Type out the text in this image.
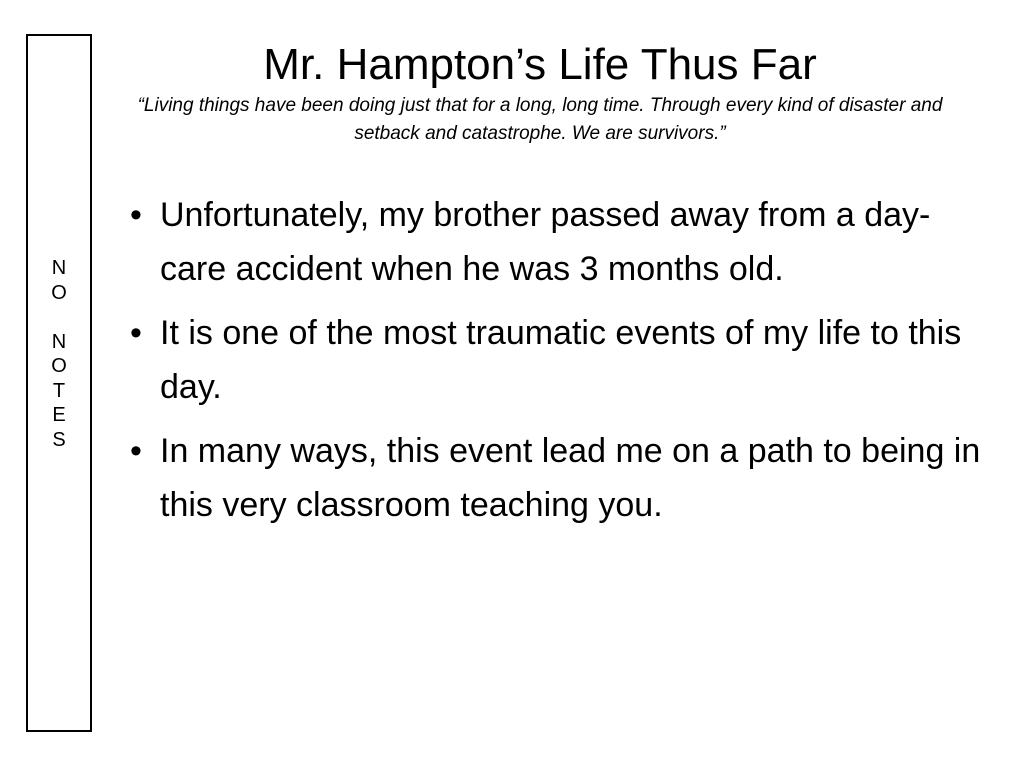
N
O
N
O
T
E
S
Mr. Hampton’s Life Thus Far

“Living things have been doing just that for a long, long time. Through every kind of disaster and setback and catastrophe. We are survivors.”

• Unfortunately, my brother passed away from a day-care accident when he was 3 months old.
• It is one of the most traumatic events of my life to this day.
• In many ways, this event lead me on a path to being in this very classroom teaching you.
